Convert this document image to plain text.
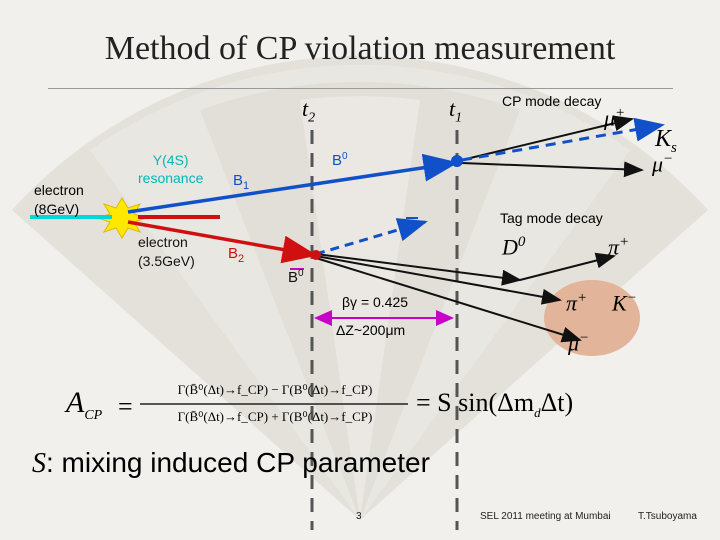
Method of CP violation measurement
$t_2$	$t_1$
CP mode decay
Tag mode decay
electron
(8GeV)
electron
(3.5GeV)
Υ(4S)
resonance $B_1$
$B_2$
$B^0$
$B^0$
ν
μ+
$K_s$
μ−
$D^0$	π+
π+ K−
μ−
βγ = 0.425
ΔZ~200μm
$A_{CP}$ =
Γ(B̄⁰(Δt)→f_CP) − Γ(B⁰(Δt)→f_CP)
Γ(B̄⁰(Δt)→f_CP) + Γ(B⁰(Δt)→f_CP)	= S $\sin(\Delta m_d\Delta t)$
S: mixing induced CP parameter
3	SEL 2011 meeting at Mumbai	T.Tsuboyama
